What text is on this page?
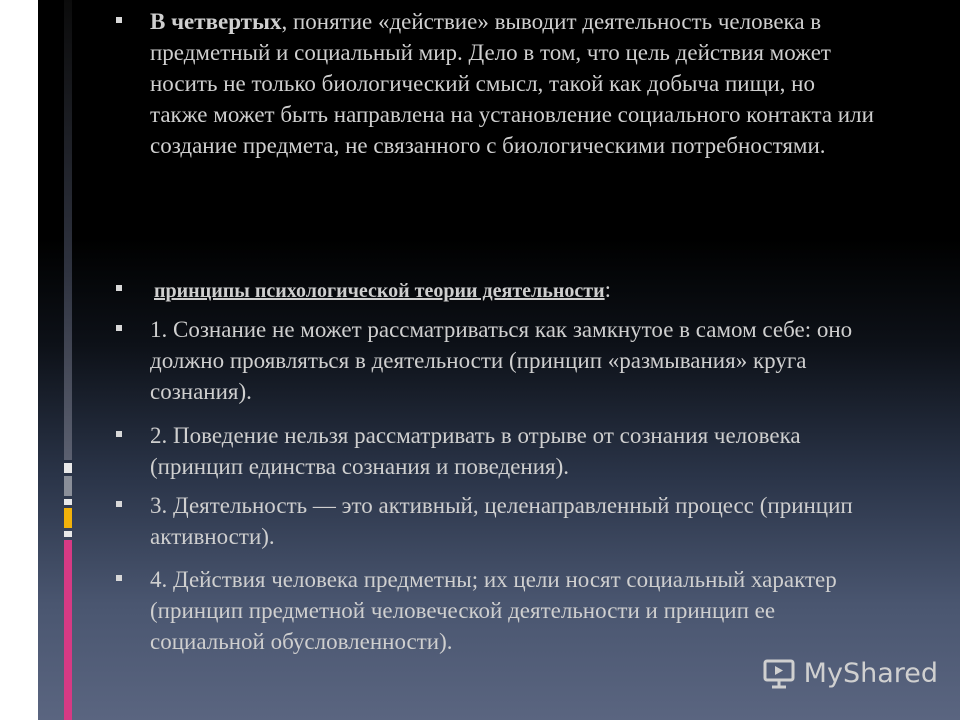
В четвертых, понятие «действие» выводит деятельность человека в предметный и социальный мир. Дело в том, что цель действия может носить не только биологический смысл, такой как добыча пищи, но также может быть направлена на установление социального контакта или создание предмета, не связанного с биологическими потребностями.
принципы психологической теории деятельности:
1. Сознание не может рассматриваться как замкнутое в самом себе: оно должно проявляться в деятельности (принцип «размывания» круга сознания).
2. Поведение нельзя рассматривать в отрыве от сознания человека (принцип единства сознания и поведения).
3. Деятельность — это активный, целенаправленный процесс (принцип активности).
4. Действия человека предметны; их цели носят социальный характер (принцип предметной человеческой деятельности и принцип ее социальной обусловленности).
MyShared
